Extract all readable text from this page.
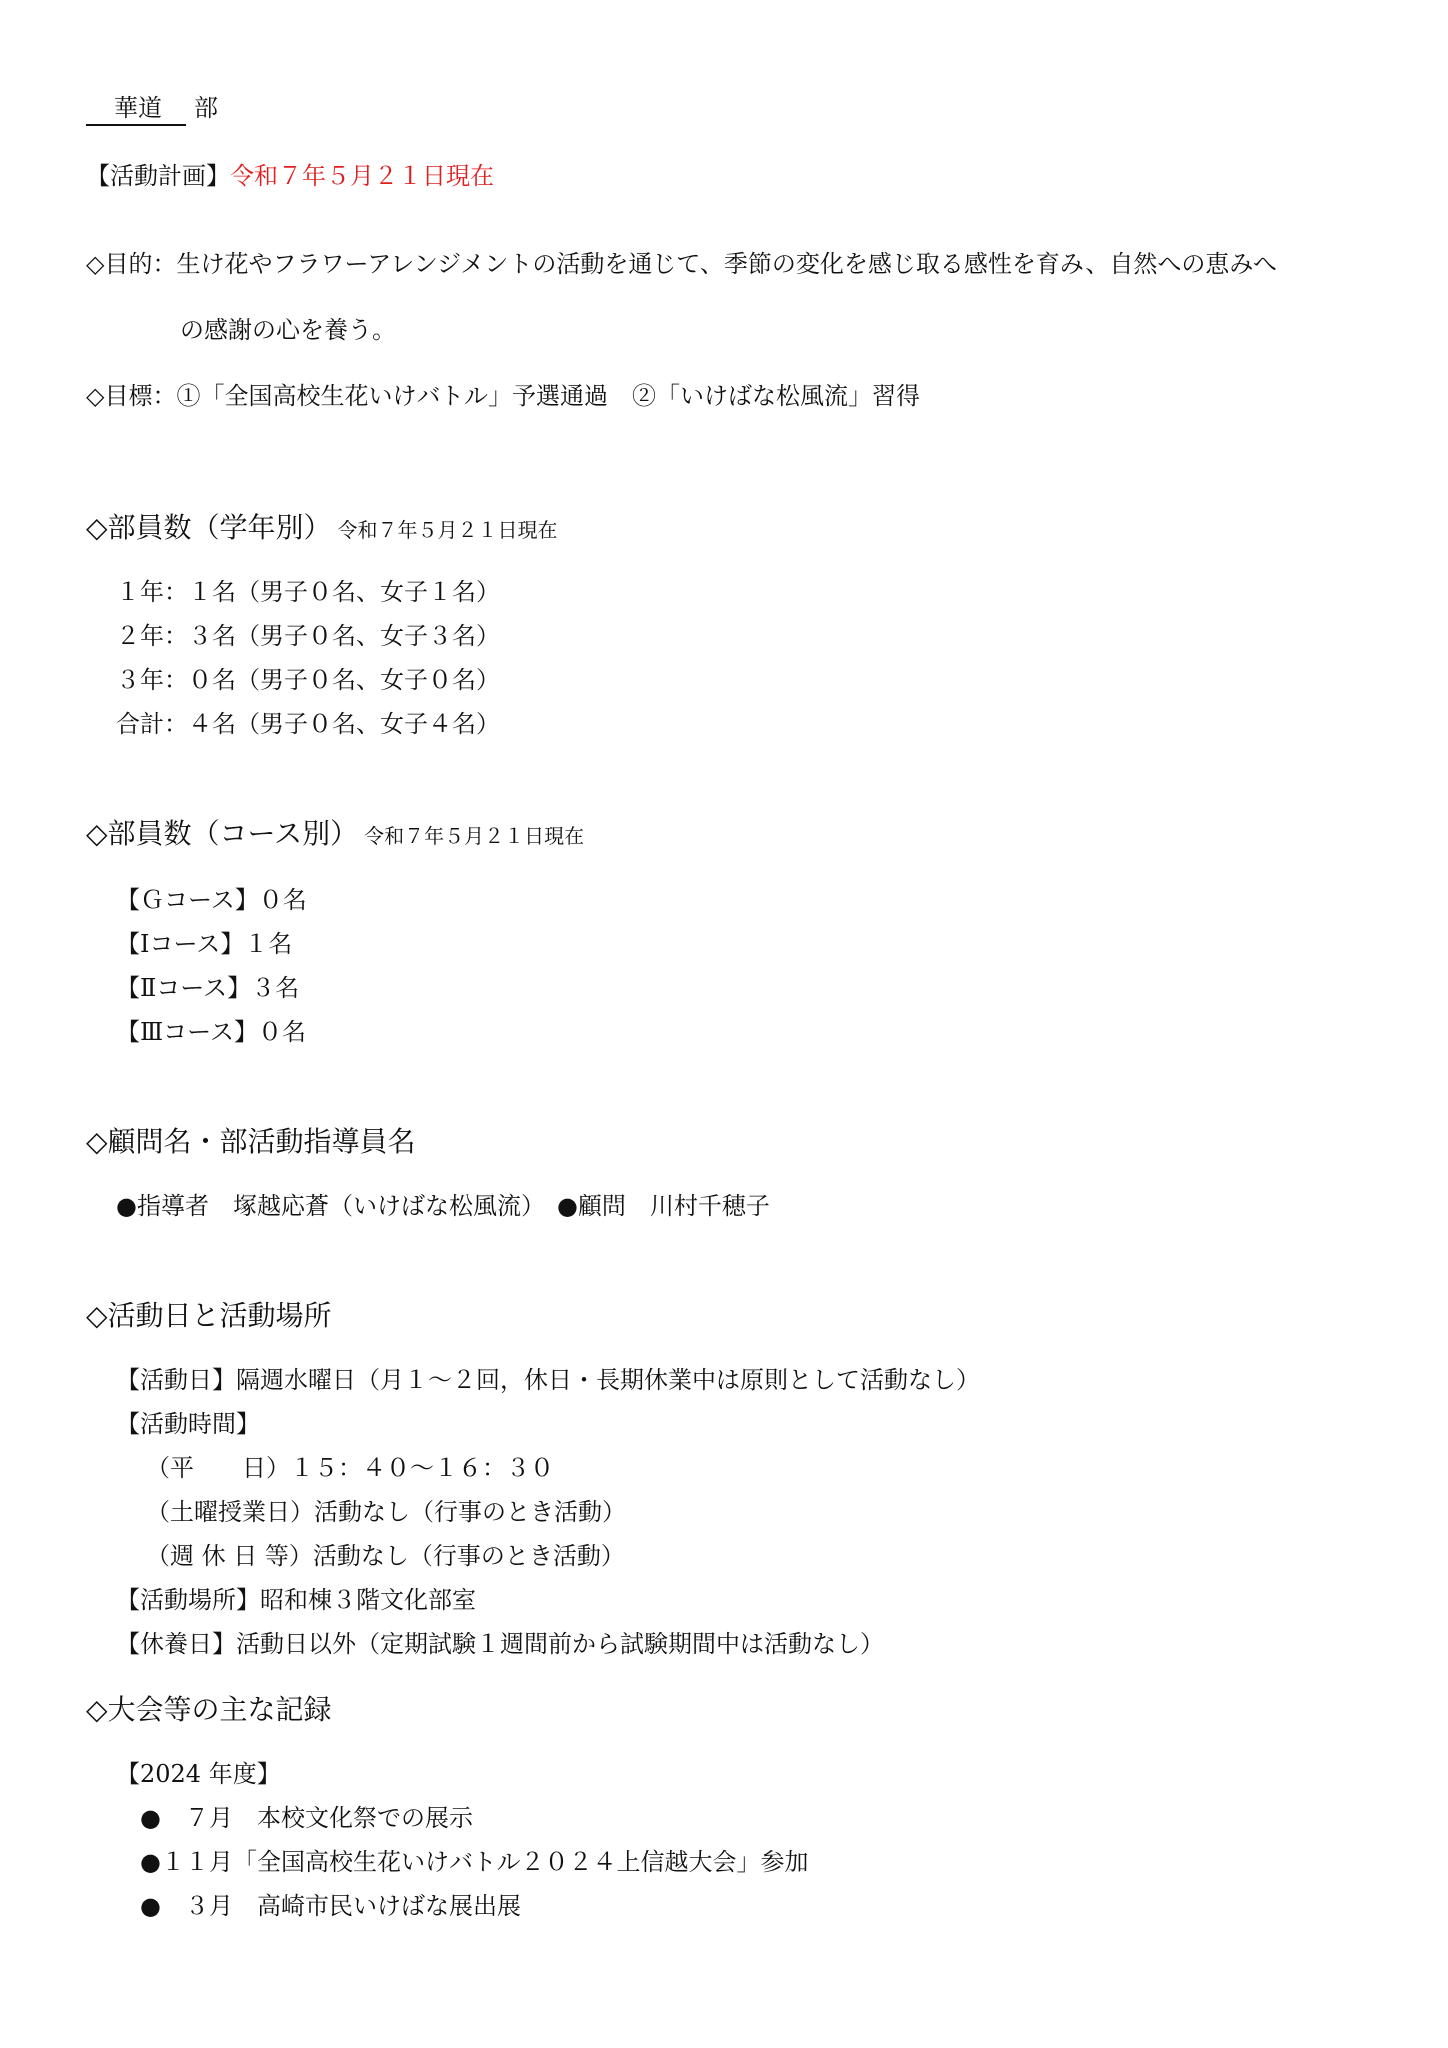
華道 部
【活動計画】令和７年５月２１日現在
◇目的：生け花やフラワーアレンジメントの活動を通じて、季節の変化を感じ取る感性を育み、自然への恵みへ
の感謝の心を養う。
◇目標：①「全国高校生花いけバトル」予選通過　②「いけばな松風流」習得
◇部員数（学年別） 令和７年５月２１日現在
１年：１名（男子０名、女子１名）
２年：３名（男子０名、女子３名）
３年：０名（男子０名、女子０名）
合計：４名（男子０名、女子４名）
◇部員数（コース別） 令和７年５月２１日現在
【Ｇコース】０名
【Ⅰコース】１名
【Ⅱコース】３名
【Ⅲコース】０名
◇顧問名・部活動指導員名
●指導者　塚越応蒼（いけばな松風流）　●顧問　川村千穂子
◇活動日と活動場所
【活動日】隔週水曜日（月１～２回，休日・長期休業中は原則として活動なし）
【活動時間】
（平　　日）１５：４０～１６：３０
（土曜授業日）活動なし（行事のとき活動）
（週 休 日 等）活動なし（行事のとき活動）
【活動場所】昭和棟３階文化部室
【休養日】活動日以外（定期試験１週間前から試験期間中は活動なし）
◇大会等の主な記録
【2024 年度】
●　７月　本校文化祭での展示
●１１月「全国高校生花いけバトル２０２４上信越大会」参加
●　３月　高崎市民いけばな展出展
